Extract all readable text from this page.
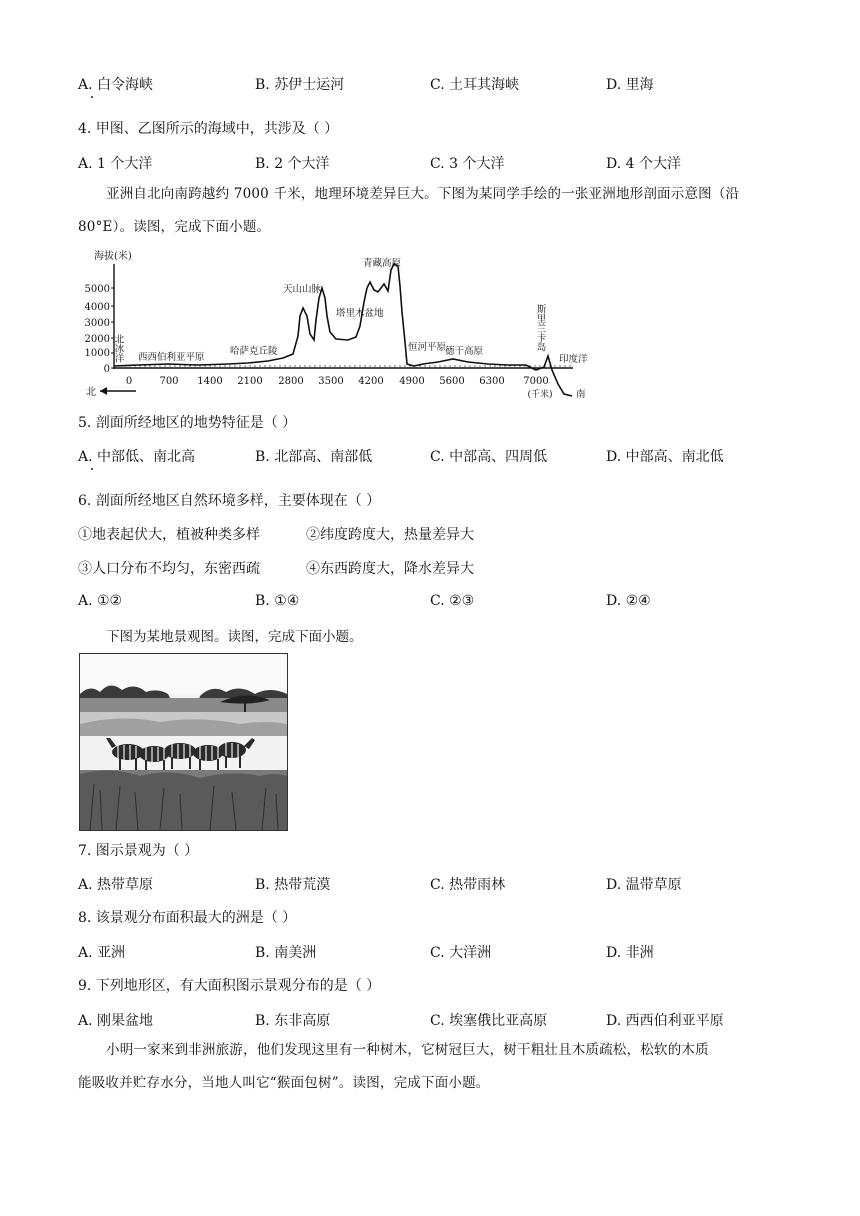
A. 白令海峡	B. 苏伊士运河	C. 土耳其海峡	D. 里海
4. 甲图、乙图所示的海域中，共涉及（ ）
A. 1 个大洋	B. 2 个大洋	C. 3 个大洋	D. 4 个大洋
亚洲自北向南跨越约 7000 千米，地理环境差异巨大。下图为某同学手绘的一张亚洲地形剖面示意图（沿
80°E）。读图，完成下面小题。
海拔(米)
5000
4000
3000
2000
1000
0
0	700 1400 2100 2800 3500 4200 4900 5600 6300 7000
(千米)
北
北冰洋 西西伯利亚平原
哈萨克丘陵
天山山脉
塔里木盆地
青藏高原
恒河平原
德干高原	斯里兰卡岛
印度洋
南
5. 剖面所经地区的地势特征是（ ）
A. 中部低、南北高	B. 北部高、南部低	C. 中部高、四周低	D. 中部高、南北低
6. 剖面所经地区自然环境多样，主要体现在（ ）
①地表起伏大，植被种类多样	②纬度跨度大，热量差异大
③人口分布不均匀，东密西疏	④东西跨度大，降水差异大
A. ①②	B. ①④	C. ②③	D. ②④
下图为某地景观图。读图，完成下面小题。
7. 图示景观为（ ）
A. 热带草原	B. 热带荒漠	C. 热带雨林	D. 温带草原
8. 该景观分布面积最大的洲是（ ）
A. 亚洲	B. 南美洲	C. 大洋洲	D. 非洲
9. 下列地形区，有大面积图示景观分布的是（ ）
A. 刚果盆地	B. 东非高原	C. 埃塞俄比亚高原	D. 西西伯利亚平原
小明一家来到非洲旅游，他们发现这里有一种树木，它树冠巨大，树干粗壮且木质疏松，松软的木质
能吸收并贮存水分，当地人叫它“猴面包树”。读图，完成下面小题。
